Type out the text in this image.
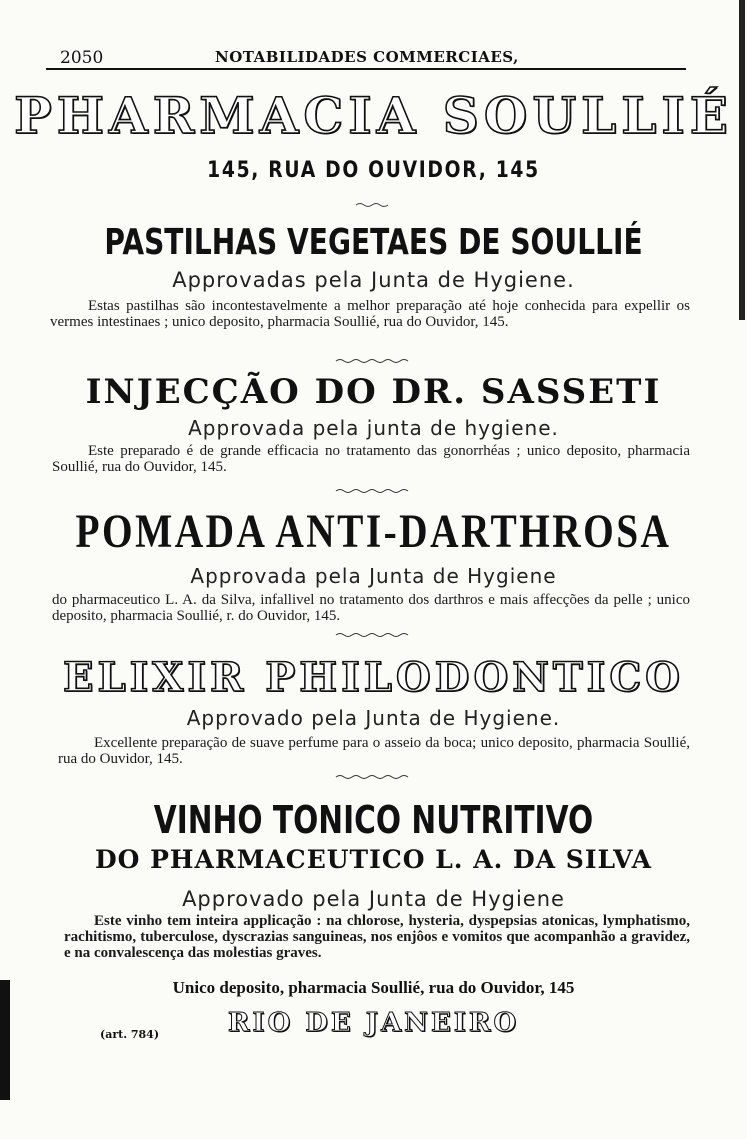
2050	NOTABILIDADES COMMERCIAES,
PHARMACIA SOULLIÉ
145, RUA DO OUVIDOR, 145
PASTILHAS VEGETAES DE SOULLIÉ
Approvadas pela Junta de Hygiene.
Estas pastilhas são incontestavelmente a melhor preparação até hoje conhecida para expellir os vermes intestinaes ; unico deposito, pharmacia Soullié, rua do Ouvidor, 145.
INJECÇÃO DO DR. SASSETI
Approvada pela junta de hygiene.
Este preparado é de grande efficacia no tratamento das gonorrhéas ; unico deposito, pharmacia Soullié, rua do Ouvidor, 145.
POMADA ANTI-DARTHROSA
Approvada pela Junta de Hygiene
do pharmaceutico L. A. da Silva, infallivel no tratamento dos darthros e mais affecções da pelle ; unico deposito, pharmacia Soullié, r. do Ouvidor, 145.
ELIXIR PHILODONTICO
Approvado pela Junta de Hygiene.
Excellente preparação de suave perfume para o asseio da boca; unico deposito, pharmacia Soullié, rua do Ouvidor, 145.
VINHO TONICO NUTRITIVO
DO PHARMACEUTICO L. A. DA SILVA
Approvado pela Junta de Hygiene
Este vinho tem inteira applicação : na chlorose, hysteria, dyspepsias atonicas, lymphatismo, rachitismo, tuberculose, dyscrazias sanguineas, nos enjôos e vomitos que acompanhão a gravidez, e na convalescença das molestias graves.
Unico deposito, pharmacia Soullié, rua do Ouvidor, 145
RIO DE JANEIRO
(art. 784)
